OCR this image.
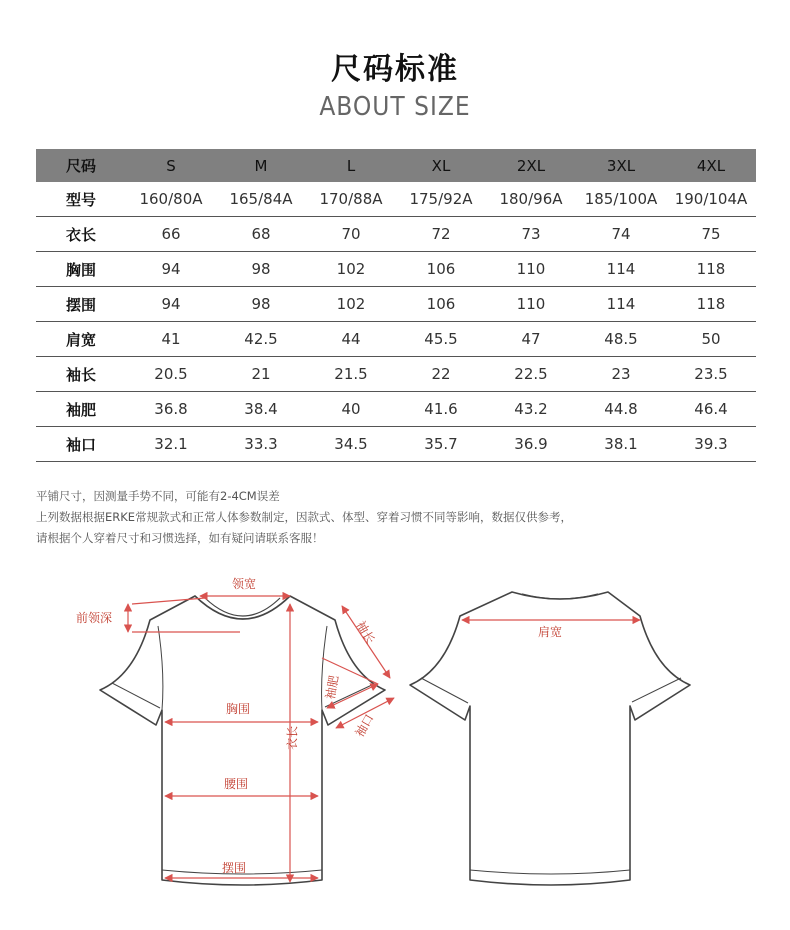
尺码标准
ABOUT SIZE
尺码	S	M	L	XL	2XL	3XL	4XL
型号	160/80A	165/84A	170/88A	175/92A	180/96A	185/100A	190/104A
衣长	66	68	70	72	73	74	75
胸围	94	98	102	106	110	114	118
摆围	94	98	102	106	110	114	118
肩宽	41	42.5	44	45.5	47	48.5	50
袖长	20.5	21	21.5	22	22.5	23	23.5
袖肥	36.8	38.4	40	41.6	43.2	44.8	46.4
袖口	32.1	33.3	34.5	35.7	36.9	38.1	39.3
平铺尺寸，因测量手势不同，可能有2-4CM误差
上列数据根据ERKE常规款式和正常人体参数制定，因款式、体型、穿着习惯不同等影响，数据仅供参考，
请根据个人穿着尺寸和习惯选择，如有疑问请联系客服！
领宽
前领深
袖长
袖肥
袖口
胸围
衣长
腰围
摆围
肩宽
